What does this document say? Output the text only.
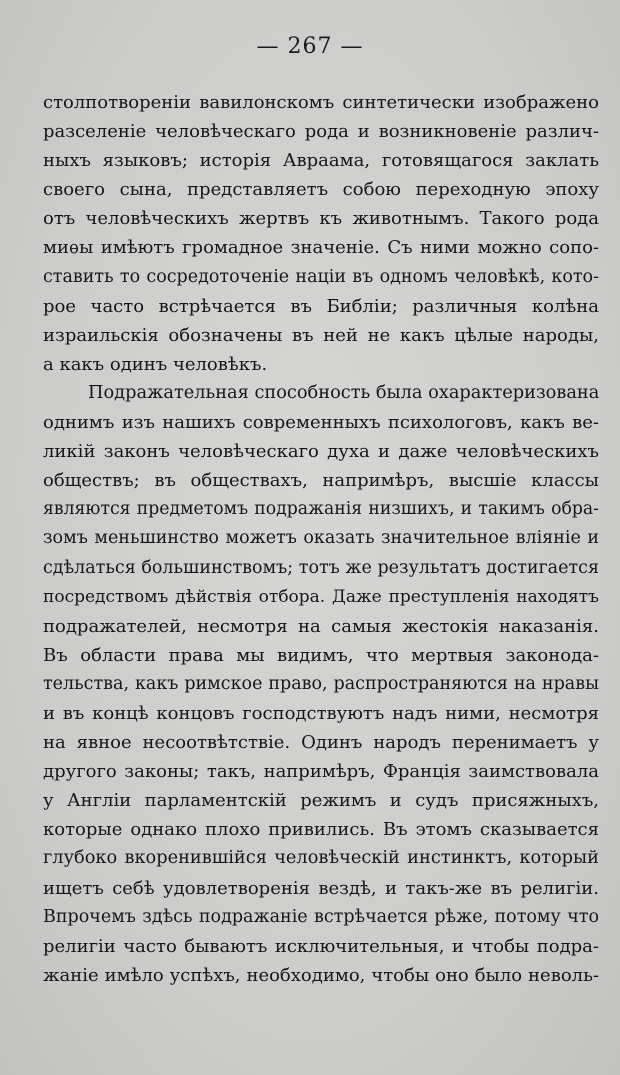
— 267 —
столпотвореніи вавилонскомъ синтетически изображено
разселеніе человѣческаго рода и возникновеніе различ-
ныхъ языковъ; исторія Авраама, готовящагося заклать
своего сына, представляетъ собою переходную эпоху
отъ человѣческихъ жертвъ къ животнымъ. Такого рода
миѳы имѣютъ громадное значеніе. Съ ними можно сопо-
ставить то сосредоточеніе націи въ одномъ человѣкѣ, кото-
рое часто встрѣчается въ Библіи; различныя колѣна
израильскія обозначены въ ней не какъ цѣлые народы,
а какъ одинъ человѣкъ.
Подражательная способность была охарактеризована
однимъ изъ нашихъ современныхъ психологовъ, какъ ве-
ликій законъ человѣческаго духа и даже человѣческихъ
обществъ; въ обществахъ, напримѣръ, высшіе классы
являются предметомъ подражанія низшихъ, и такимъ обра-
зомъ меньшинство можетъ оказать значительное вліяніе и
сдѣлаться большинствомъ; тотъ же результатъ достигается
посредствомъ дѣйствія отбора. Даже преступленія находятъ
подражателей, несмотря на самыя жестокія наказанія.
Въ области права мы видимъ, что мертвыя законода-
тельства, какъ римское право, распространяются на нравы
и въ концѣ концовъ господствуютъ надъ ними, несмотря
на явное несоотвѣтствіе. Одинъ народъ перенимаетъ у
другого законы; такъ, напримѣръ, Франція заимствовала
у Англіи парламентскій режимъ и судъ присяжныхъ,
которые однако плохо привились. Въ этомъ сказывается
глубоко вкоренившійся человѣческій инстинктъ, который
ищетъ себѣ удовлетворенія вездѣ, и такъ-же въ религіи.
Впрочемъ здѣсь подражаніе встрѣчается рѣже, потому что
религіи часто бываютъ исключительныя, и чтобы подра-
жаніе имѣло успѣхъ, необходимо, чтобы оно было неволь-
